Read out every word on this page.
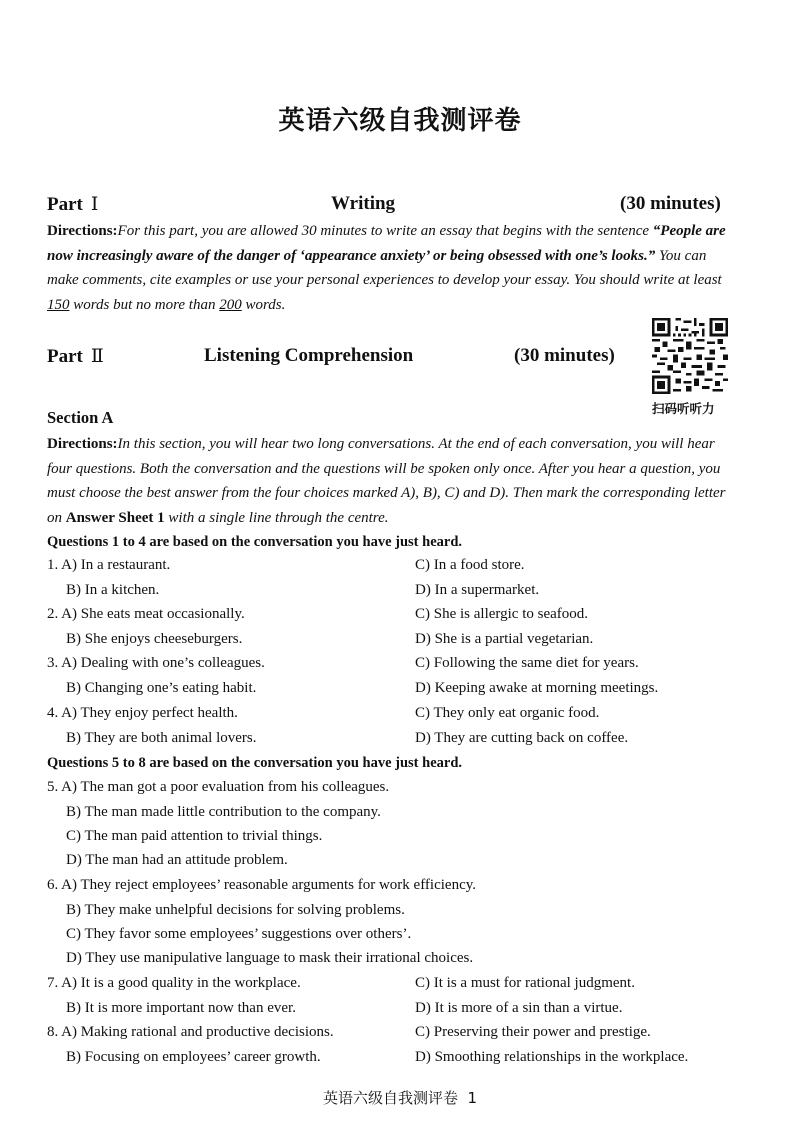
英语六级自我测评卷
Part Ⅰ	Writing	(30 minutes)
Directions:For this part, you are allowed 30 minutes to write an essay that begins with the sentence “People are now increasingly aware of the danger of ‘appearance anxiety’ or being obsessed with one’s looks.” You can make comments, cite examples or use your personal experiences to develop your essay. You should write at least 150 words but no more than 200 words.
Part Ⅱ	Listening Comprehension	(30 minutes)
扫码听听力
Section A
Directions:In this section, you will hear two long conversations. At the end of each conversation, you will hear four questions. Both the conversation and the questions will be spoken only once. After you hear a question, you must choose the best answer from the four choices marked A), B), C) and D). Then mark the corresponding letter on Answer Sheet 1 with a single line through the centre.
Questions 1 to 4 are based on the conversation you have just heard.
1. A) In a restaurant.	C) In a food store.
B) In a kitchen.	D) In a supermarket.
2. A) She eats meat occasionally.	C) She is allergic to seafood.
B) She enjoys cheeseburgers.	D) She is a partial vegetarian.
3. A) Dealing with one’s colleagues.	C) Following the same diet for years.
B) Changing one’s eating habit.	D) Keeping awake at morning meetings.
4. A) They enjoy perfect health.	C) They only eat organic food.
B) They are both animal lovers.	D) They are cutting back on coffee.
Questions 5 to 8 are based on the conversation you have just heard.
5. A) The man got a poor evaluation from his colleagues.
B) The man made little contribution to the company.
C) The man paid attention to trivial things.
D) The man had an attitude problem.
6. A) They reject employees’ reasonable arguments for work efficiency.
B) They make unhelpful decisions for solving problems.
C) They favor some employees’ suggestions over others’.
D) They use manipulative language to mask their irrational choices.
7. A) It is a good quality in the workplace.	C) It is a must for rational judgment.
B) It is more important now than ever.	D) It is more of a sin than a virtue.
8. A) Making rational and productive decisions.	C) Preserving their power and prestige.
B) Focusing on employees’ career growth.	D) Smoothing relationships in the workplace.
英语六级自我测评卷 1
